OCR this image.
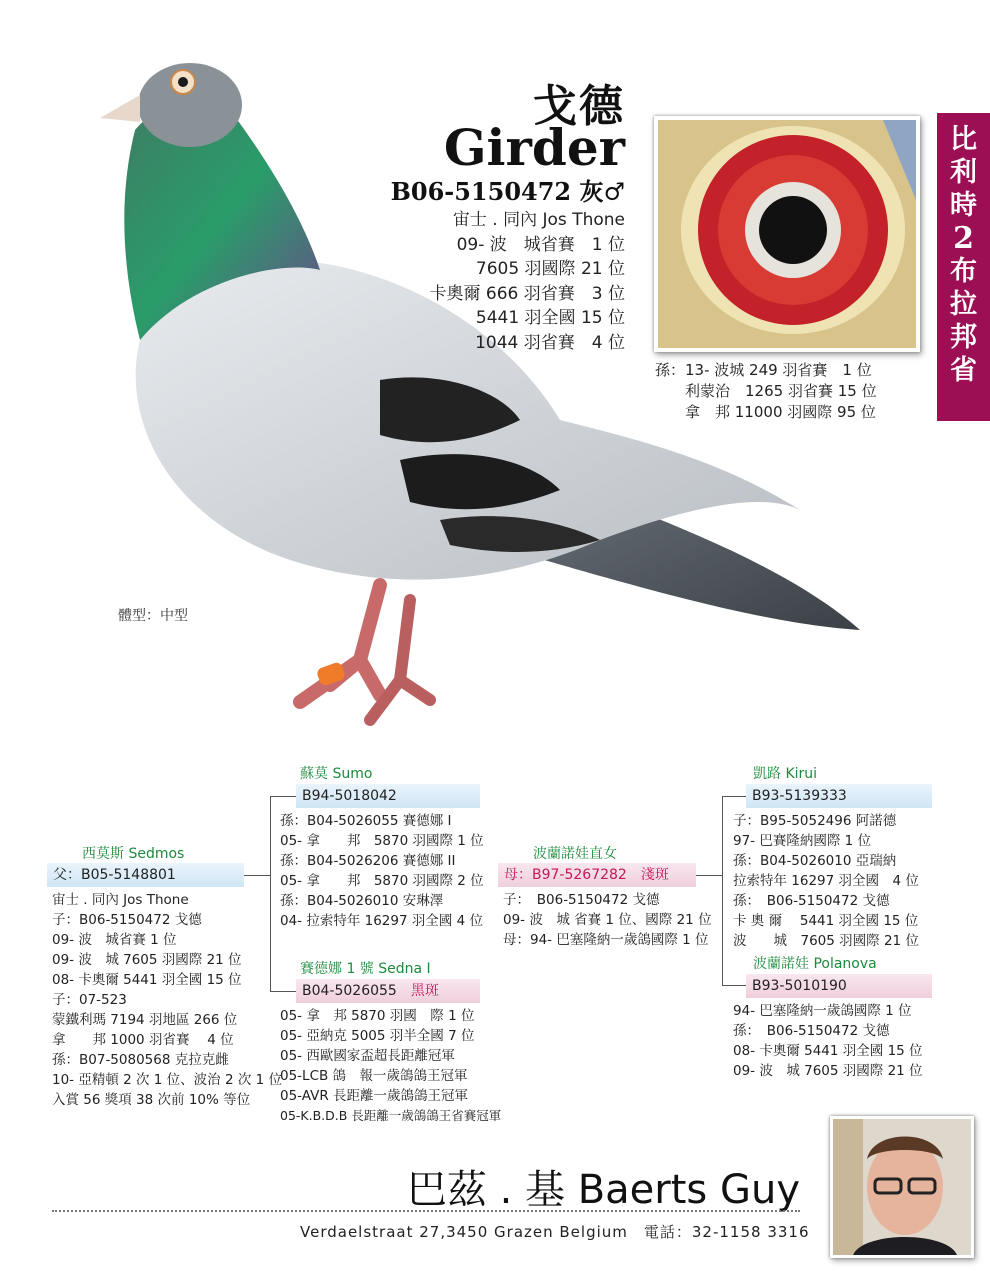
戈德
Girder
B06-5150472 灰♂
宙士 . 同內 Jos Thone
09- 波　城省賽　1 位
7605 羽國際 21 位
卡奧爾 666 羽省賽　3 位
5441 羽全國 15 位
1044 羽省賽　4 位
孫：13- 波城 249 羽省賽　1 位
　　利蒙治　1265 羽省賽 15 位
　　拿　邦 11000 羽國際 95 位
比
利
時
2
布
拉
邦
省
體型：中型
西莫斯 Sedmos
父：B05-5148801
宙士 . 同內 Jos Thone
子：B06-5150472 戈德
09- 波　城省賽 1 位
09- 波　城 7605 羽國際 21 位
08- 卡奧爾 5441 羽全國 15 位
子：07-523
蒙鐵利瑪 7194 羽地區 266 位
拿　　邦 1000 羽省賽　 4 位
孫：B07-5080568 克拉克雌
10- 亞精頓 2 次 1 位、波治 2 次 1 位
入賞 56 獎項 38 次前 10% 等位
蘇莫 Sumo
B94-5018042
孫：B04-5026055 賽德娜 I
05- 拿　　邦　5870 羽國際 1 位
孫：B04-5026206 賽德娜 II
05- 拿　　邦　5870 羽國際 2 位
孫：B04-5026010 安琳澤
04- 拉索特年 16297 羽全國 4 位
賽德娜 1 號 Sedna I
B04-5026055　 黑斑
05- 拿　邦 5870 羽國　際 1 位
05- 亞納克 5005 羽半全國 7 位
05- 西歐國家盃超長距離冠軍
05-LCB 鴿　報一歲鴿鴿王冠軍
05-AVR 長距離一歲鴿鴿王冠軍
05-K.B.D.B 長距離一歲鴿鴿王省賽冠軍
波蘭諾娃直女
母：B97-5267282　 淺斑
子：　B06-5150472 戈德
09- 波　城 省賽 1 位、國際 21 位
母：94- 巴塞隆納一歲鴿國際 1 位
凱路 Kirui
B93-5139333
子：B95-5052496 阿諾德
97- 巴賽隆納國際 1 位
孫：B04-5026010 亞瑞納
拉索特年 16297 羽全國　4 位
孫：　B06-5150472 戈德
卡 奧 爾　 5441 羽全國 15 位
波　　城　7605 羽國際 21 位
波蘭諾娃 Polanova
B93-5010190
94- 巴塞隆納一歲鴿國際 1 位
孫：　B06-5150472 戈德
08- 卡奧爾 5441 羽全國 15 位
09- 波　城 7605 羽國際 21 位
巴茲 . 基 Baerts Guy
Verdaelstraat 27,3450 Grazen Belgium　電話：32-1158 3316
